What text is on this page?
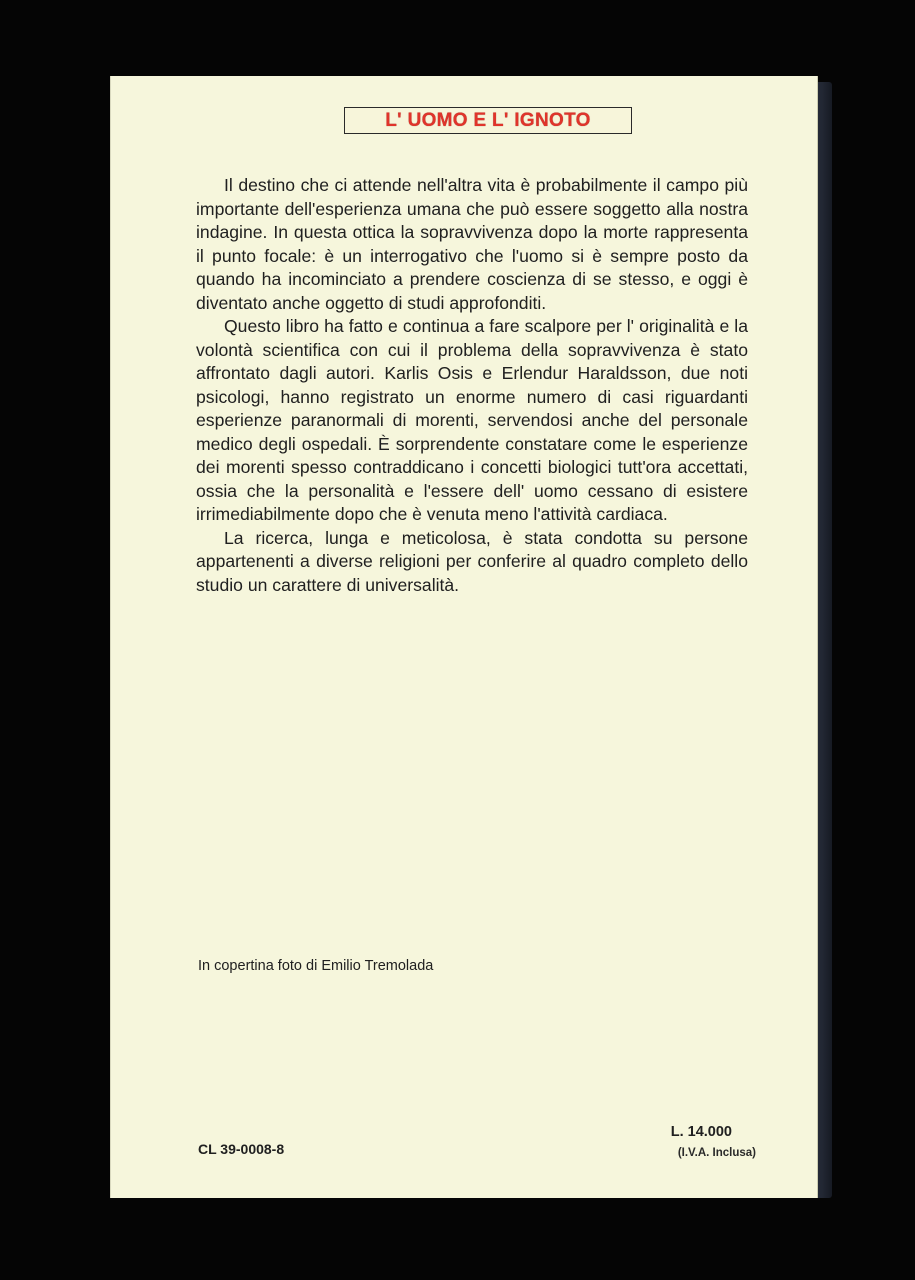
L' UOMO E L' IGNOTO

Il destino che ci attende nell'altra vita è probabilmente il campo più importante dell'esperienza umana che può essere soggetto alla nostra indagine. In questa ottica la sopravvivenza dopo la morte rappresenta il punto focale: è un interrogativo che l'uomo si è sempre posto da quando ha incominciato a prendere coscienza di se stesso, e oggi è diventato anche oggetto di studi approfonditi.

Questo libro ha fatto e continua a fare scalpore per l' originalità e la volontà scientifica con cui il problema della sopravvivenza è stato affrontato dagli autori. Karlis Osis e Erlendur Haraldsson, due noti psicologi, hanno registrato un enorme numero di casi riguardanti esperienze paranormali di morenti, servendosi anche del personale medico degli ospedali. È sorprendente constatare come le esperienze dei morenti spesso contraddicano i concetti biologici tutt'ora accettati, ossia che la personalità e l'essere dell' uomo cessano di esistere irrimediabilmente dopo che è venuta meno l'attività cardiaca.

La ricerca, lunga e meticolosa, è stata condotta su persone appartenenti a diverse religioni per conferire al quadro completo dello studio un carattere di universalità.

In copertina foto di Emilio Tremolada
CL 39-0008-8
L. 14.000
(I.V.A. Inclusa)
